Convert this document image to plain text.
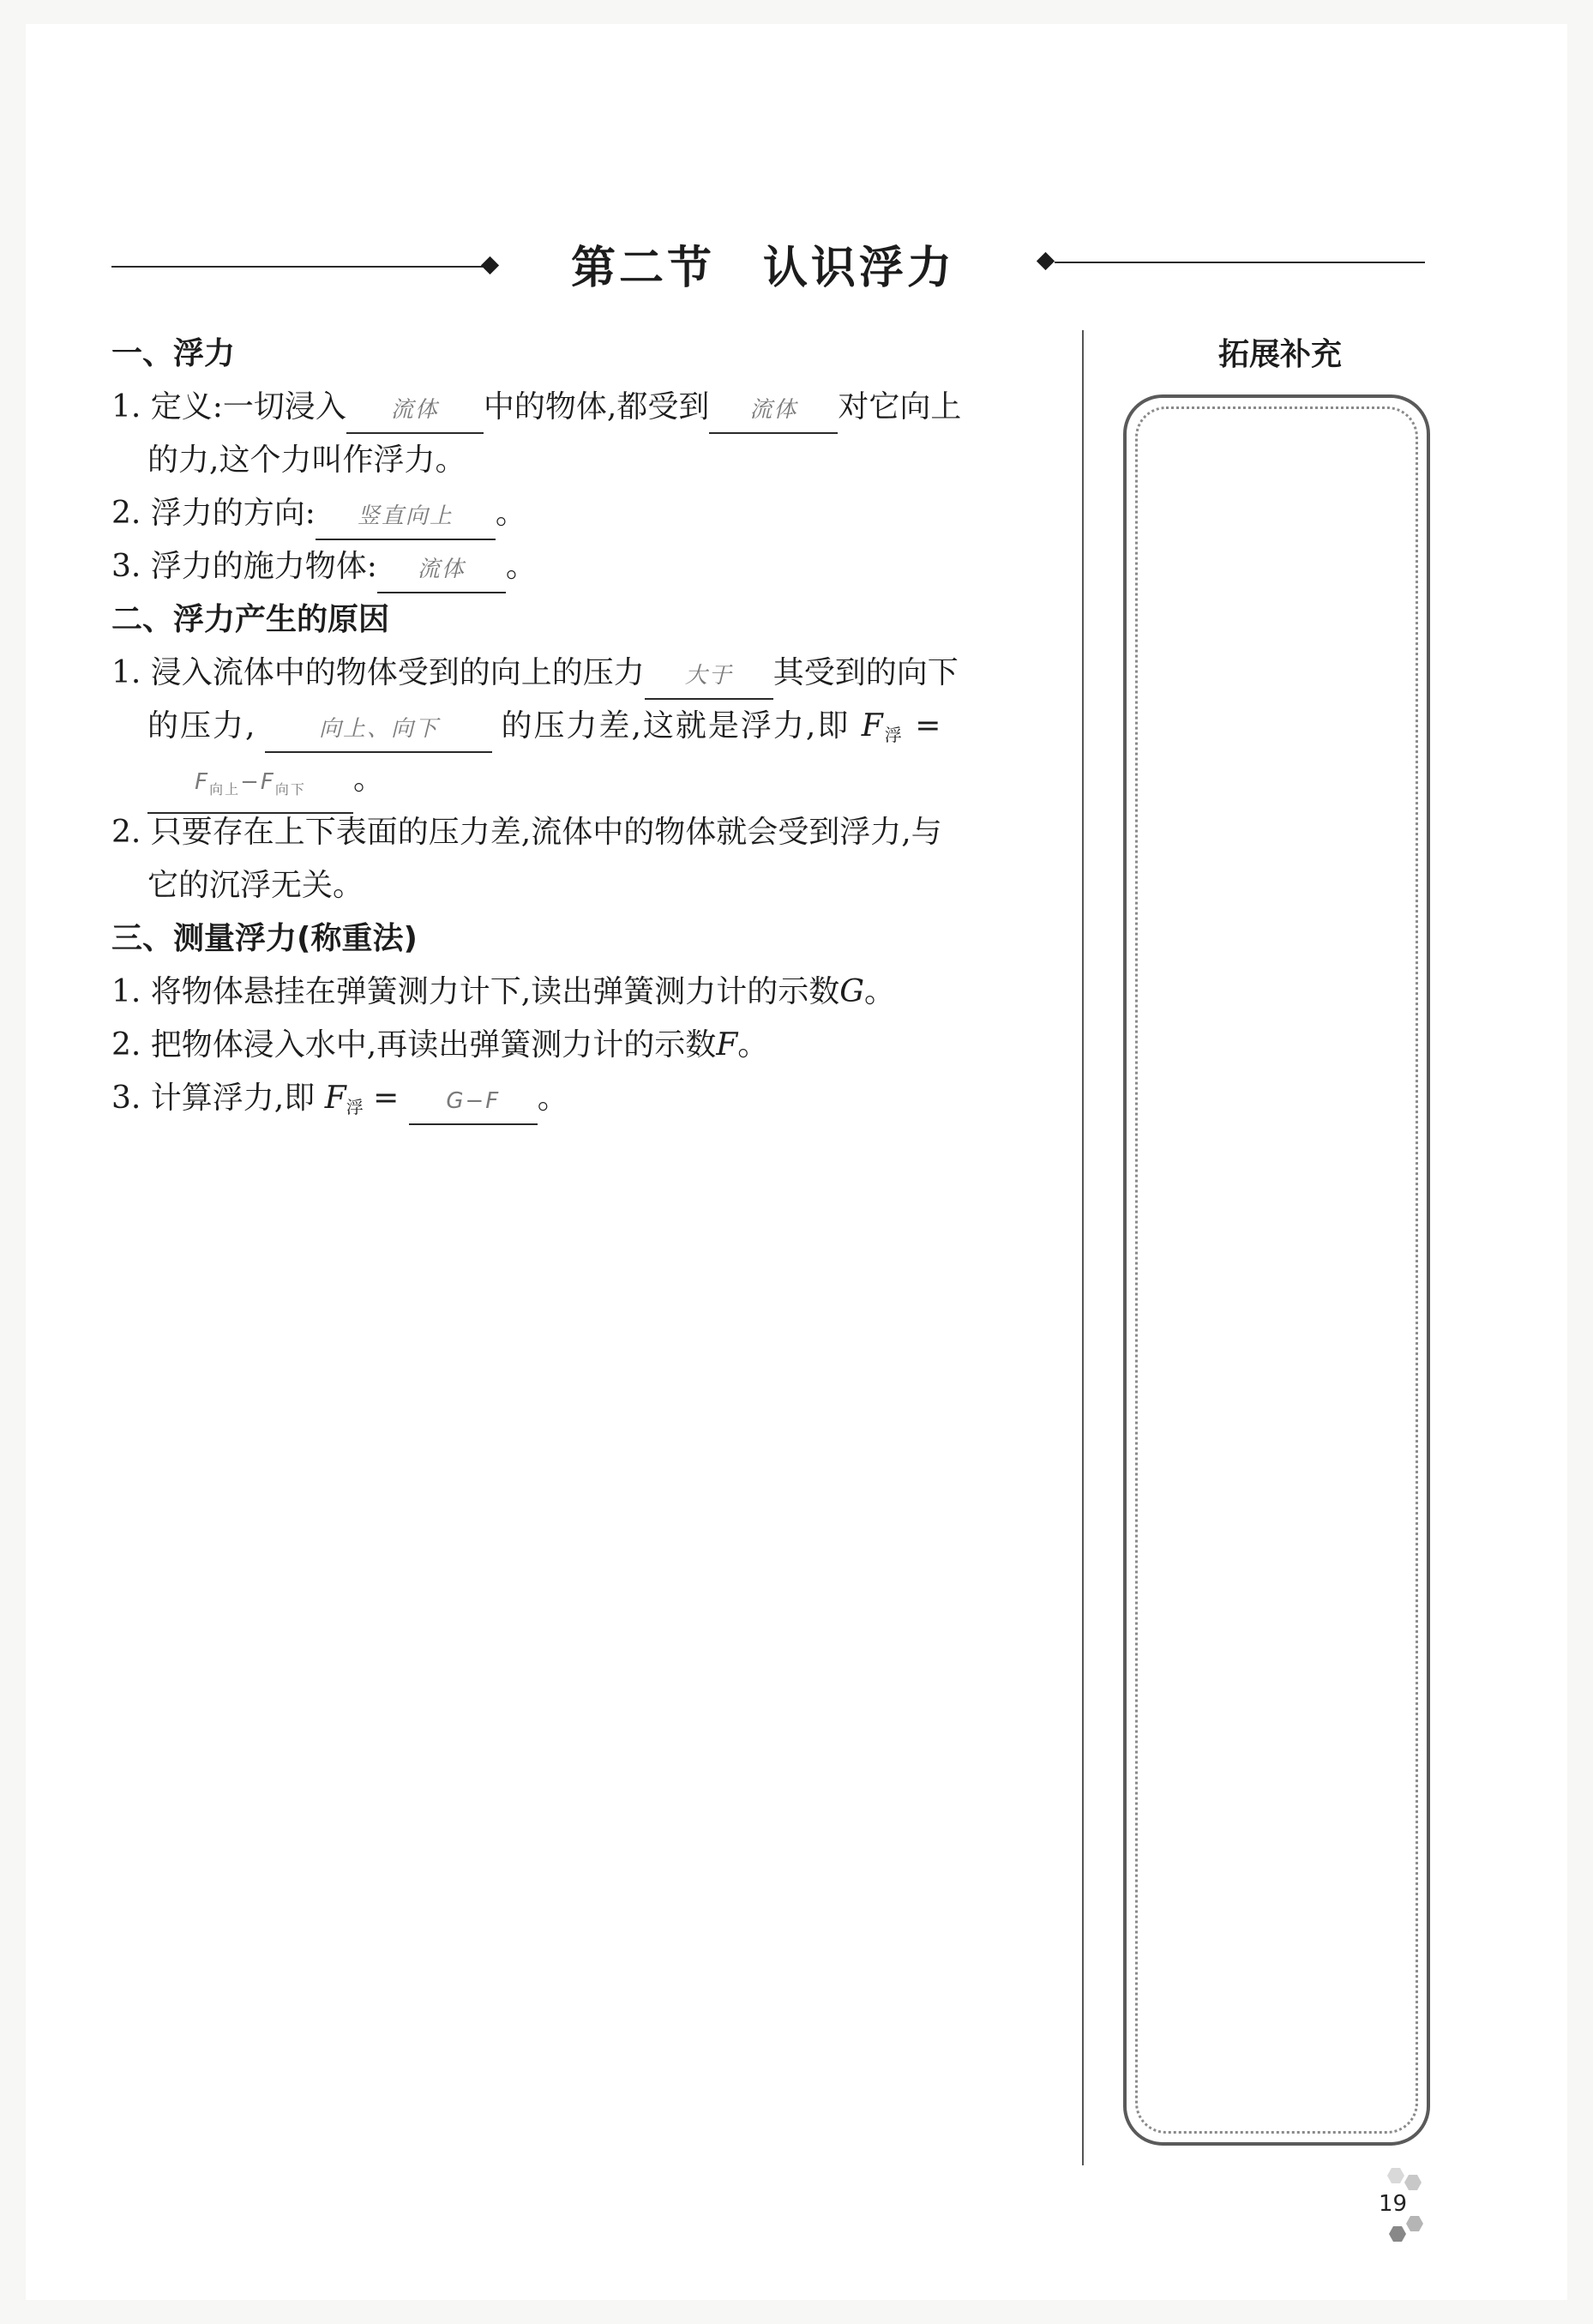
第二节　认识浮力
一、浮力
1. 定义:一切浸入 流体 中的物体,都受到 流体 对它向上
的力,这个力叫作浮力。
2. 浮力的方向: 竖直向上 。
3. 浮力的施力物体: 流体 。
二、浮力产生的原因
1. 浸入流体中的物体受到的向上的压力 大于 其受到的向下
的压力,	向上、向下 的压力差,这就是浮力,即 $F_浮$ =
$F_{向上}-F_{向下}$ 。
2. 只要存在上下表面的压力差,流体中的物体就会受到浮力,与
它的沉浮无关。
三、测量浮力(称重法)
1. 将物体悬挂在弹簧测力计下,读出弹簧测力计的示数G。
2. 把物体浸入水中,再读出弹簧测力计的示数F。
3. 计算浮力,即 $F_浮 = G-F$ 。
拓展补充
19
